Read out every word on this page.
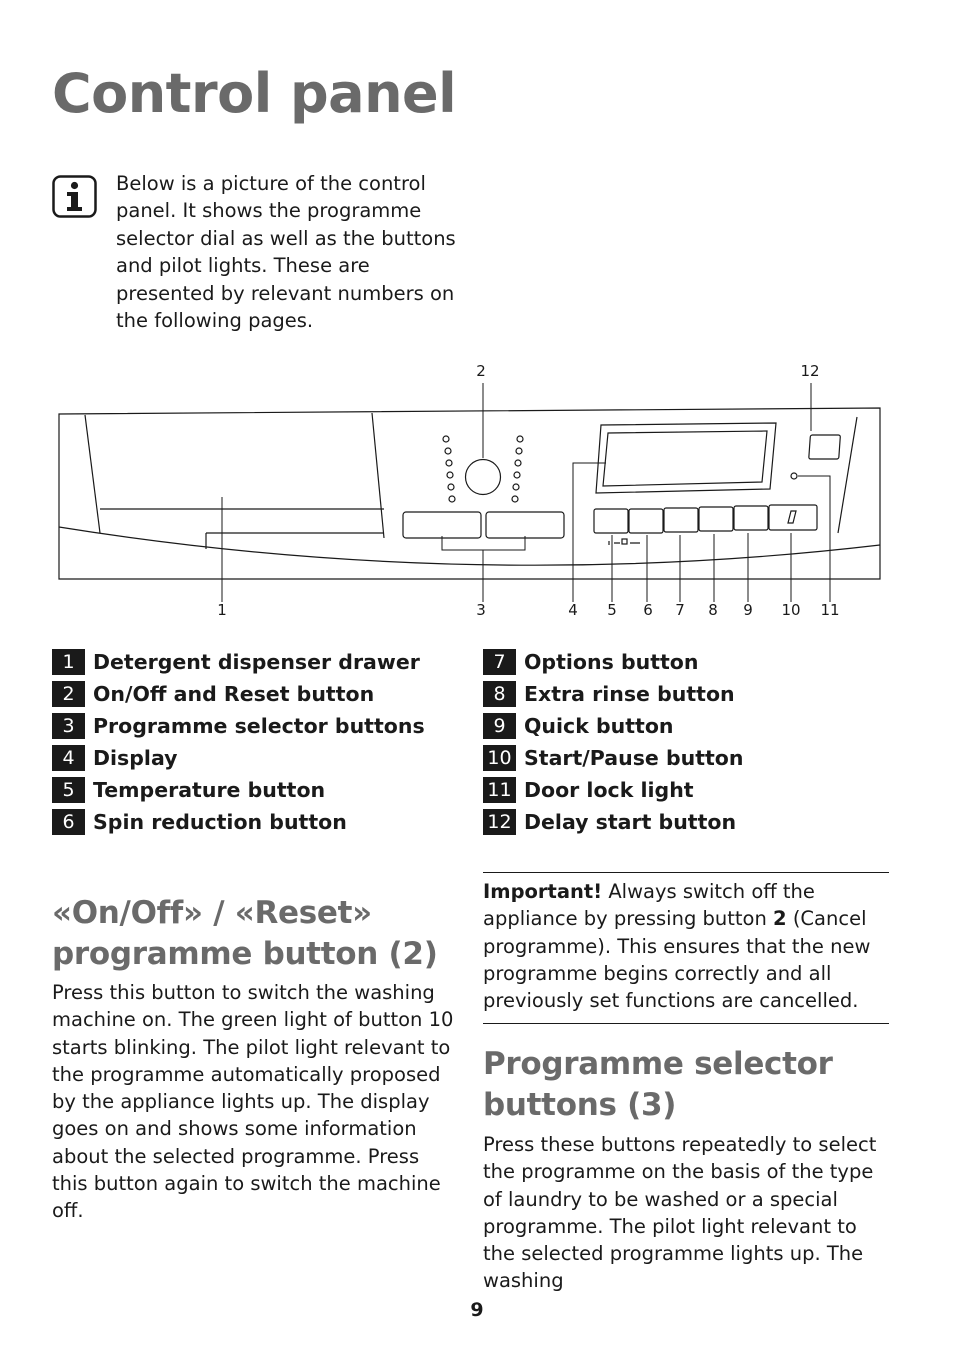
Control panel

Below is a picture of the control panel. It shows the programme selector dial as well as the buttons and pilot lights. These are presented by relevant numbers on the following pages.

1
2
3	4 5 6 7 8 9 10 11
12
1 Detergent dispenser drawer
2 On/Off and Reset button
3 Programme selector buttons
4 Display
5 Temperature button
6 Spin reduction button
7 Options button
8 Extra rinse button
9 Quick button
10 Start/Pause button
11 Door lock light
12 Delay start button
«On/Off» / «Reset»
programme button (2)

Press this button to switch the washing machine on. The green light of button 10 starts blinking. The pilot light relevant to the programme automatically proposed by the appliance lights up. The display goes on and shows some information about the selected programme. Press this button again to switch the machine off.

Important! Always switch off the appliance by pressing button 2 (Cancel programme). This ensures that the new programme begins correctly and all previously set functions are cancelled.

Programme selector
buttons (3)

Press these buttons repeatedly to select the programme on the basis of the type of laundry to be washed or a special programme. The pilot light relevant to the selected programme lights up. The washing

9
